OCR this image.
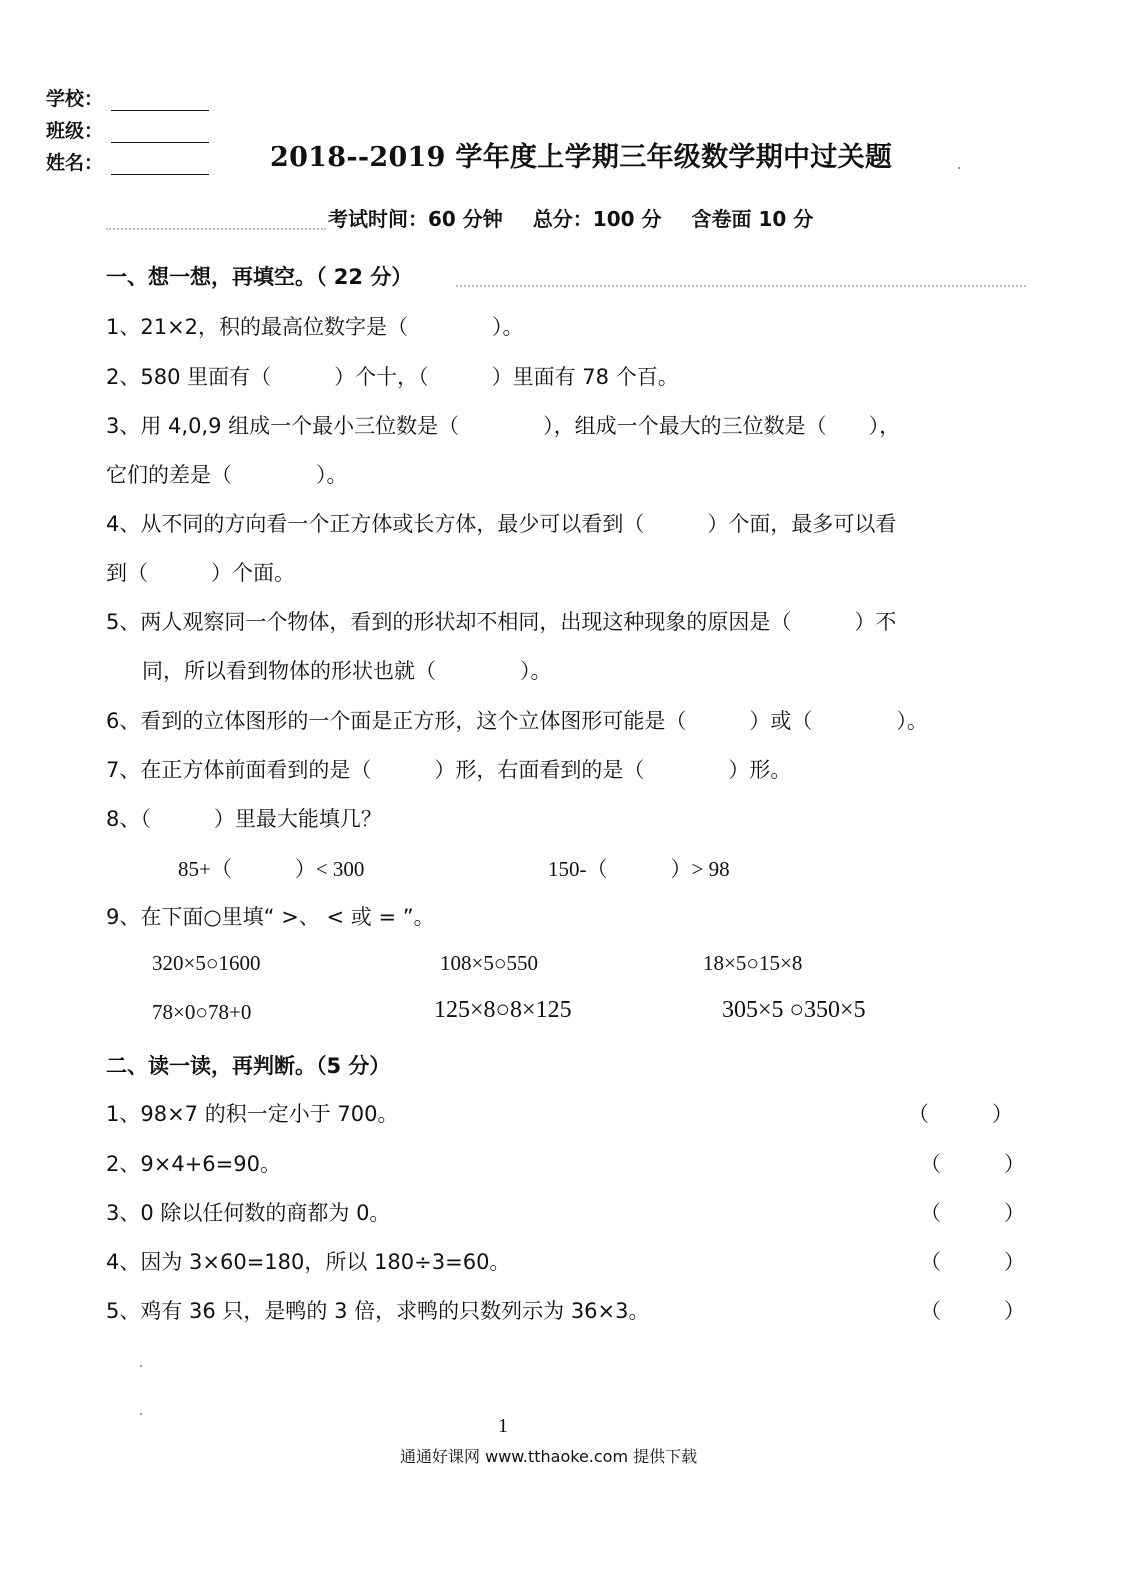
学校：
班级：
姓名：	2018--2019 学年度上学期三年级数学期中过关题
考试时间：60 分钟 总分：100 分 含卷面 10 分
一、想一想，再填空。（ 22 分）
1、21×2，积的最高位数字是（　　　　）。
2、580 里面有（　　　）个十，（　　　）里面有 78 个百。
3、用 4,0,9 组成一个最小三位数是（　　　　），组成一个最大的三位数是（　　），
它们的差是（　　　　）。
4、从不同的方向看一个正方体或长方体，最少可以看到（　　　）个面，最多可以看
到（　　　）个面。
5、两人观察同一个物体，看到的形状却不相同，出现这种现象的原因是（　　　）不
同，所以看到物体的形状也就（　　　　）。
6、看到的立体图形的一个面是正方形，这个立体图形可能是（　　　）或（　　　　）。
7、在正方体前面看到的是（　　　）形，右面看到的是（　　　　）形。
8、（　　　）里最大能填几？
85+（　　　）< 300	150-（　　　）> 98
9、在下面○里填“ >、 < 或 = ”。
320×5○1600	108×5○550	18×5○15×8
78×0○78+0	125×8○8×125	305×5 ○350×5
二、读一读，再判断。（5 分）
1、98×7 的积一定小于 700。	（　　　）
2、9×4+6=90。	（　　　）
3、0 除以任何数的商都为 0。	（　　　）
4、因为 3×60=180，所以 180÷3=60。	（　　　）
5、鸡有 36 只，是鸭的 3 倍，求鸭的只数列示为 36×3。	（　　　）
1
通通好课网 www.tthaoke.com 提供下载
